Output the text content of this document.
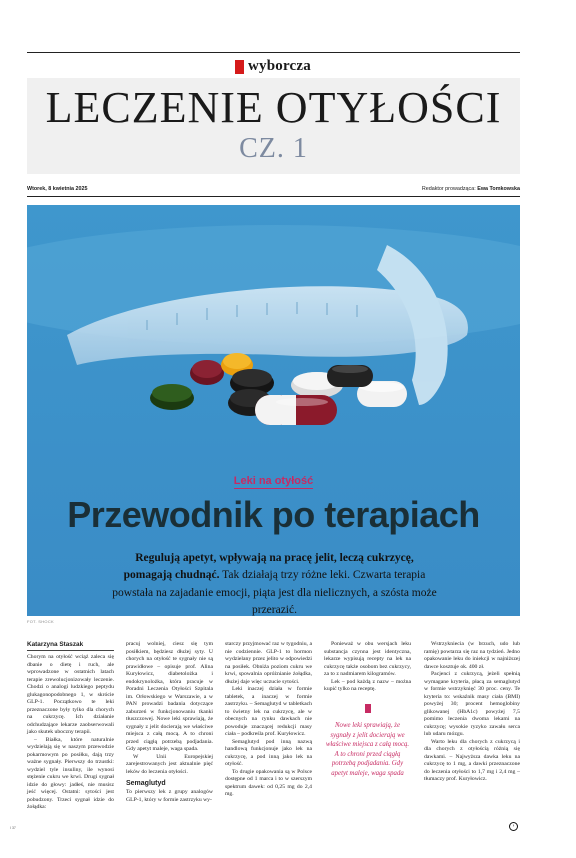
wyborcza
LECZENIE OTYŁOŚCI
CZ. 1
Wtorek, 8 kwietnia 2025	Redaktor prowadząca: Ewa Tomkowska
Leki na otyłość
Przewodnik po terapiach
Regulują apetyt, wpływają na pracę jelit, leczą cukrzycę, pomagają chudnąć. Tak działają trzy różne leki. Czwarta terapia powstała na zajadanie emocji, piąta jest dla nielicznych, a szósta może przerazić.
FOT. SHOCK
Katarzyna Staszak

Chorym na otyłość wciąż zaleca się dbanie o dietę i ruch, ale wprowadzone w ostatnich latach terapie zrewolucjonizowały leczenie. Chodzi o analogi ludzkiego peptydu glukagonopodobnego 1, w skrócie GLP-1. Początkowo te leki przeznaczone były tylko dla chorych na cukrzycę. Ich działanie odchudzające lekarze zaobserwowali jako skutek uboczny terapii.

– Białka, które naturalnie wydzielają się w naszym przewodzie pokarmowym po posiłku, dają trzy ważne sygnały. Pierwszy do trzustki: wydziel tyle insuliny, ile wynosi stężenie cukru we krwi. Drugi sygnał idzie do głowy: jadłeś, nie musisz jeść więcej. Ostatni: sytości jest pobudzony. Trzeci sygnał idzie do żołądka:

pracuj wolniej, ciesz się tym posiłkiem, będziesz dłużej syty. U chorych na otyłość te sygnały nie są prawidłowe – opisuje prof. Alina Kuryłowicz, diabetolożka i endokrynolożka, która pracuje w Poradni Leczenia Otyłości Szpitala im. Orłowskiego w Warszawie, a w PAN prowadzi badania dotyczące zaburzeń w funkcjonowaniu tkanki tłuszczowej. Nowe leki sprawiają, że sygnały z jelit docierają we właściwe miejsca z całą mocą. A to chroni przed ciągłą potrzebą podjadania. Gdy apetyt maleje, waga spada.

W Unii Europejskiej zarejestrowanych jest aktualnie pięć leków do leczenia otyłości.

Semaglutyd

To pierwszy lek z grupy analogów GLP-1, który w formie zastrzyku wy-

starczy przyjmować raz w tygodniu, a nie codziennie. GLP-1 to hormon wydzielany przez jelito w odpowiedzi na posiłek. Obniża poziom cukru we krwi, spowalnia opróżnianie żołądka, dłużej daje więc uczucie sytości.

Leki inaczej działa w formie tabletek, a inaczej w formie zastrzyku. – Semaglutyd w tabletkach to świetny lek na cukrzycę, ale w obecnych na rynku dawkach nie powoduje znaczącej redukcji masy ciała – podkreśla prof. Kuryłowicz.

Semaglutyd pod inną nazwą handlową funkcjonuje jako lek na cukrzycę, a pod inną jako lek na otyłość.

To drugie opakowania są w Polsce dostępne od 1 marca i to w szerszym spektrum dawek: od 0,25 mg do 2,4 mg.

Ponieważ w obu wersjach leku substancja czynna jest identyczna, lekarze wypisują recepty na lek na cukrzycę także osobom bez cukrzycy, za to z nadmiarem kilogramów.

Lek – pod każdą z nazw – można kupić tylko na receptę.

Nowe leki sprawiają, że sygnały z jelit docierają we właściwe miejsca z całą mocą. A to chroni przed ciągłą potrzebą podjadania. Gdy apetyt maleje, waga spada

Wstrzykniecia (w brzuch, udo lub ramię) powtarza się raz na tydzień. Jedno opakowanie leku do iniekcji w najniższej dawce kosztuje ok. 400 zł.

Pacjenci z cukrzycą, jeżeli spełnią wymagane kryteria, płacą za semaglutyd w formie wstrzyknięć 30 proc. ceny. Te kryteria to: wskaźnik masy ciała (BMI) powyżej 30; procent hemoglobiny glikowanej (HbA1c) powyżej 7,5 pomimo leczenia dwoma lekami na cukrzycę; wysokie ryzyko zawału serca lub udaru mózgu.

Warto leku dla chorych z cukrzycą i dla chorych z otyłością różnią się dawkami. – Najwyższa dawka leku na cukrzycę to 1 mg, a dawki przeznaczone do leczenia otyłości to 1,7 mg i 2,4 mg – tłumaczy prof. Kuryłowicz.

I 37	›
